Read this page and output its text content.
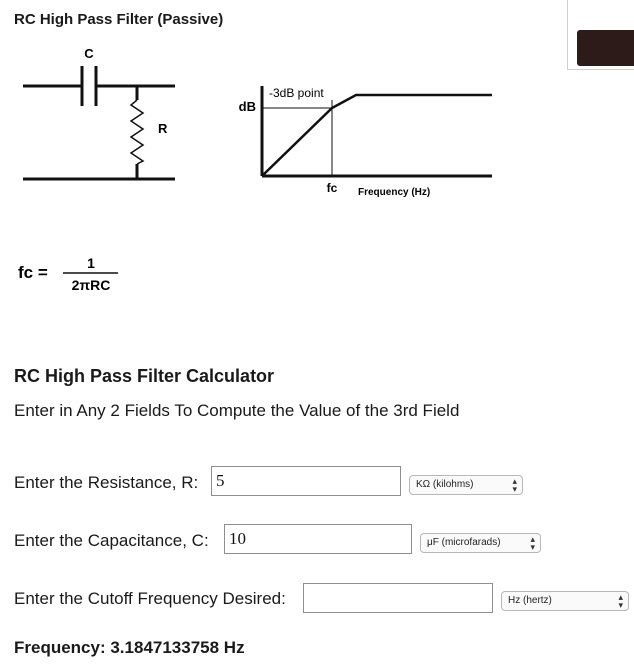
RC High Pass Filter (Passive)
C
R
dB
-3dB point
fc Frequency (Hz)
fc =	1
2πRC
RC High Pass Filter Calculator
Enter in Any 2 Fields To Compute the Value of the 3rd Field
Enter the Resistance, R: 5	KΩ (kilohms)	▴
▾
Enter the Capacitance, C: 10	μF (microfarads)	▴
▾
Enter the Cutoff Frequency Desired:	Hz (hertz)	▴
▾
Frequency: 3.1847133758 Hz
